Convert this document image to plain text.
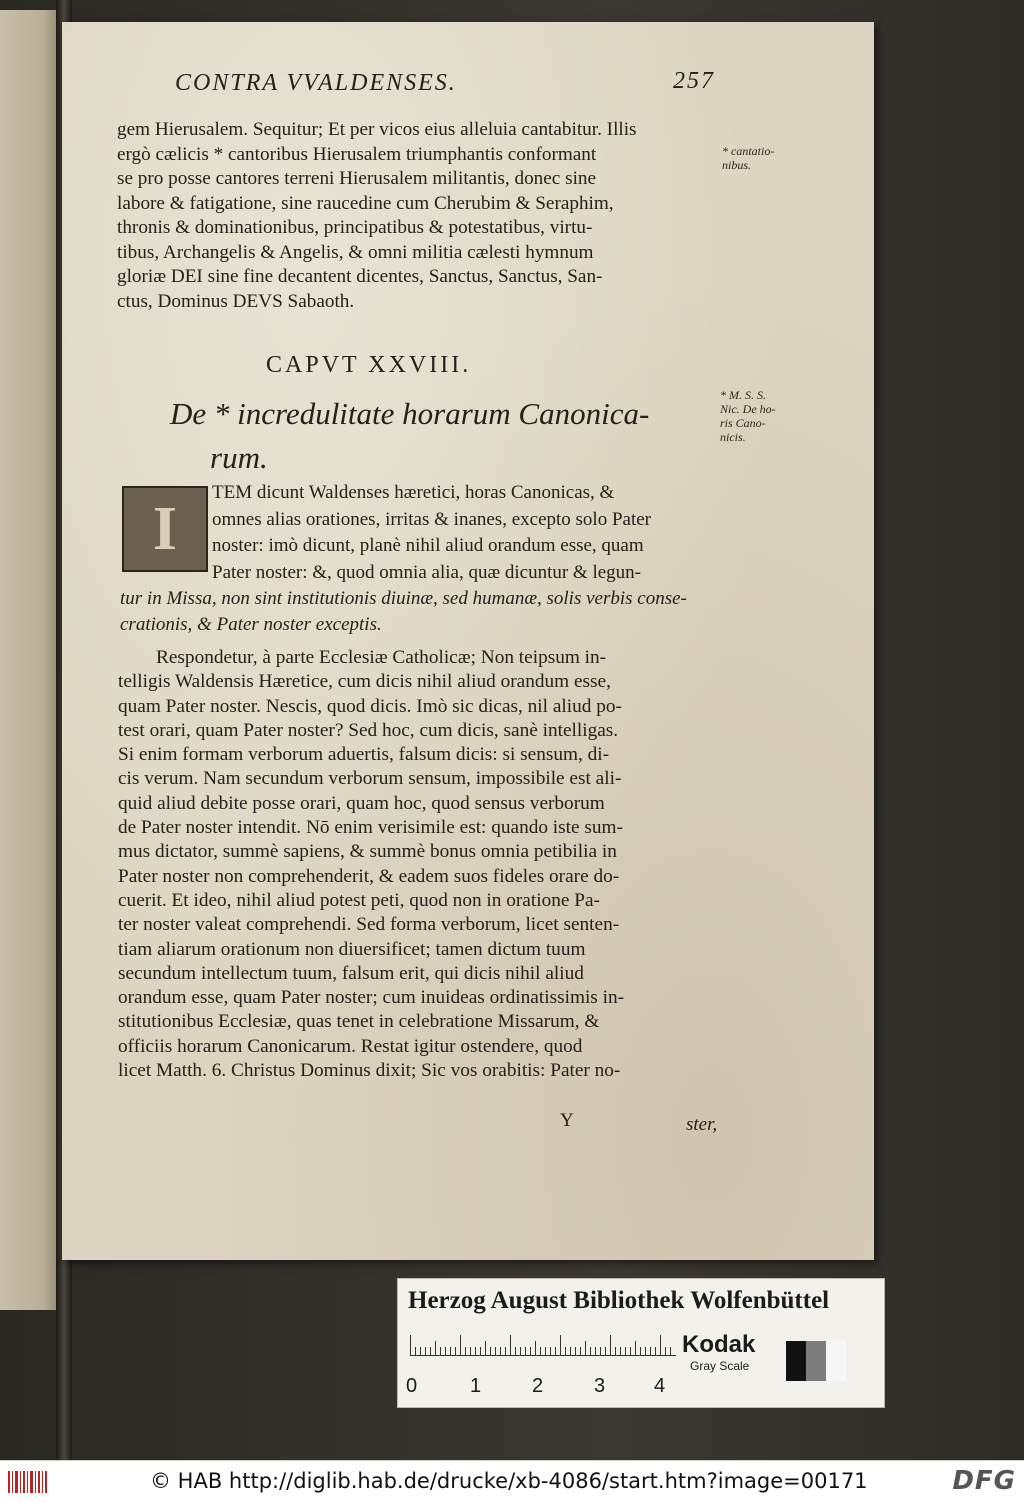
CONTRA VVALDENSES.	257

gem Hierusalem. Sequitur; Et per vicos eius alleluia cantabitur. Illis

ergò cælicis * cantoribus Hierusalem triumphantis conformant

se pro posse cantores terreni Hierusalem militantis, donec sine

labore & fatigatione, sine raucedine cum Cherubim & Seraphim,

thronis & dominationibus, principatibus & potestatibus, virtu-

tibus, Archangelis & Angelis, & omni militia cælesti hymnum

gloriæ DEI sine fine decantent dicentes, Sanctus, Sanctus, San-

ctus, Dominus DEVS Sabaoth.

* cantatio-
nibus.
CAPVT XXVIII.
De * incredulitate horarum Canonica-
rum.
* M. S. S.
Nic. De ho-
ris Cano-
nicis.
I
TEM dicunt Waldenses hæretici, horas Canonicas, &
omnes alias orationes, irritas & inanes, excepto solo Pater
noster: imò dicunt, planè nihil aliud orandum esse, quam
Pater noster: &, quod omnia alia, quæ dicuntur & legun-
tur in Missa, non sint institutionis diuinæ, sed humanæ, solis verbis conse-
crationis, & Pater noster exceptis.
Respondetur, à parte Ecclesiæ Catholicæ; Non teipsum in-
telligis Waldensis Hæretice, cum dicis nihil aliud orandum esse,
quam Pater noster. Nescis, quod dicis. Imò sic dicas, nil aliud po-
test orari, quam Pater noster? Sed hoc, cum dicis, sanè intelligas.
Si enim formam verborum aduertis, falsum dicis: si sensum, di-
cis verum. Nam secundum verborum sensum, impossibile est ali-
quid aliud debite posse orari, quam hoc, quod sensus verborum
de Pater noster intendit. Nō enim verisimile est: quando iste sum-
mus dictator, summè sapiens, & summè bonus omnia petibilia in
Pater noster non comprehenderit, & eadem suos fideles orare do-
cuerit. Et ideo, nihil aliud potest peti, quod non in oratione Pa-
ter noster valeat comprehendi. Sed forma verborum, licet senten-
tiam aliarum orationum non diuersificet; tamen dictum tuum
secundum intellectum tuum, falsum erit, qui dicis nihil aliud
orandum esse, quam Pater noster; cum inuideas ordinatissimis in-
stitutionibus Ecclesiæ, quas tenet in celebratione Missarum, &
officiis horarum Canonicarum. Restat igitur ostendere, quod
licet Matth. 6. Christus Dominus dixit; Sic vos orabitis: Pater no-
Y	ster,
Herzog August Bibliothek Wolfenbüttel
0	1	2	3 4
Kodak
Gray Scale
© HAB http://diglib.hab.de/drucke/xb-4086/start.htm?image=00171	DFG
